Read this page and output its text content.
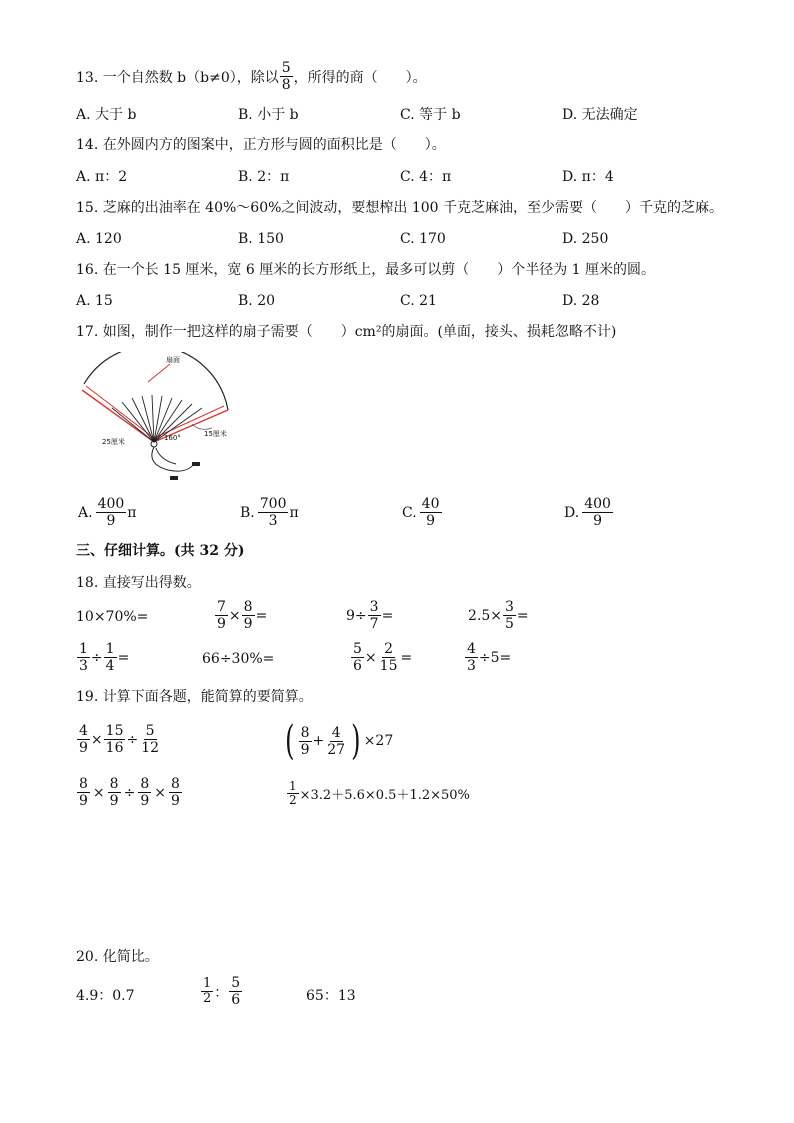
13. 一个自然数 b（b≠0），除以 $\frac{5}{8}$ ，所得的商（　　）。
A. 大于 b	B. 小于 b	C. 等于 b	D. 无法确定
14. 在外圆内方的图案中，正方形与圆的面积比是（　　）。
A. π：2	B. 2：π	C. 4：π	D. π：4
15. 芝麻的出油率在 40%～60%之间波动，要想榨出 100 千克芝麻油，至少需要（　　）千克的芝麻。
A. 120	B. 150	C. 170	D. 250
16. 在一个长 15 厘米，宽 6 厘米的长方形纸上，最多可以剪（　　）个半径为 1 厘米的圆。
A. 15	B. 20	C. 21	D. 28
17. 如图，制作一把这样的扇子需要（　　）cm²的扇面。(单面，接头、损耗忽略不计)
扇面
25厘米
15厘米
160°
A. $\frac{400}{9}$ π	B. $\frac{700}{3}$ π	C. $\frac{40}{9}$	D. $\frac{400}{9}$
三、仔细计算。(共 32 分)
18. 直接写出得数。
10×70%=	$\frac{7}{9} \times \frac{8}{9}$ =	$9\div \frac{3}{7}$ =	$2.5\times \frac{3}{5}$ =
$\frac{1}{3} \div \frac{1}{4}$ =	66÷30%=	$\frac{5}{6} \times \frac{2}{15}$ =	$\frac{4}{3} \div 5=$
19. 计算下面各题，能简算的要简算。
$\frac{4}{9} \times \frac{15}{16} \div \frac{5}{12}$	( $\frac{8}{9} + \frac{4}{27}$ ) ×27
$\frac{8}{9} \times \frac{8}{9} \div \frac{8}{9} \times \frac{8}{9}$	$\frac{1}{2} \times 3.2+5.6\times 0.5+1.2\times 50\%$
20. 化简比。
4.9：0.7	$\frac{1}{2}$ ： $\frac{5}{6}$	65：13
